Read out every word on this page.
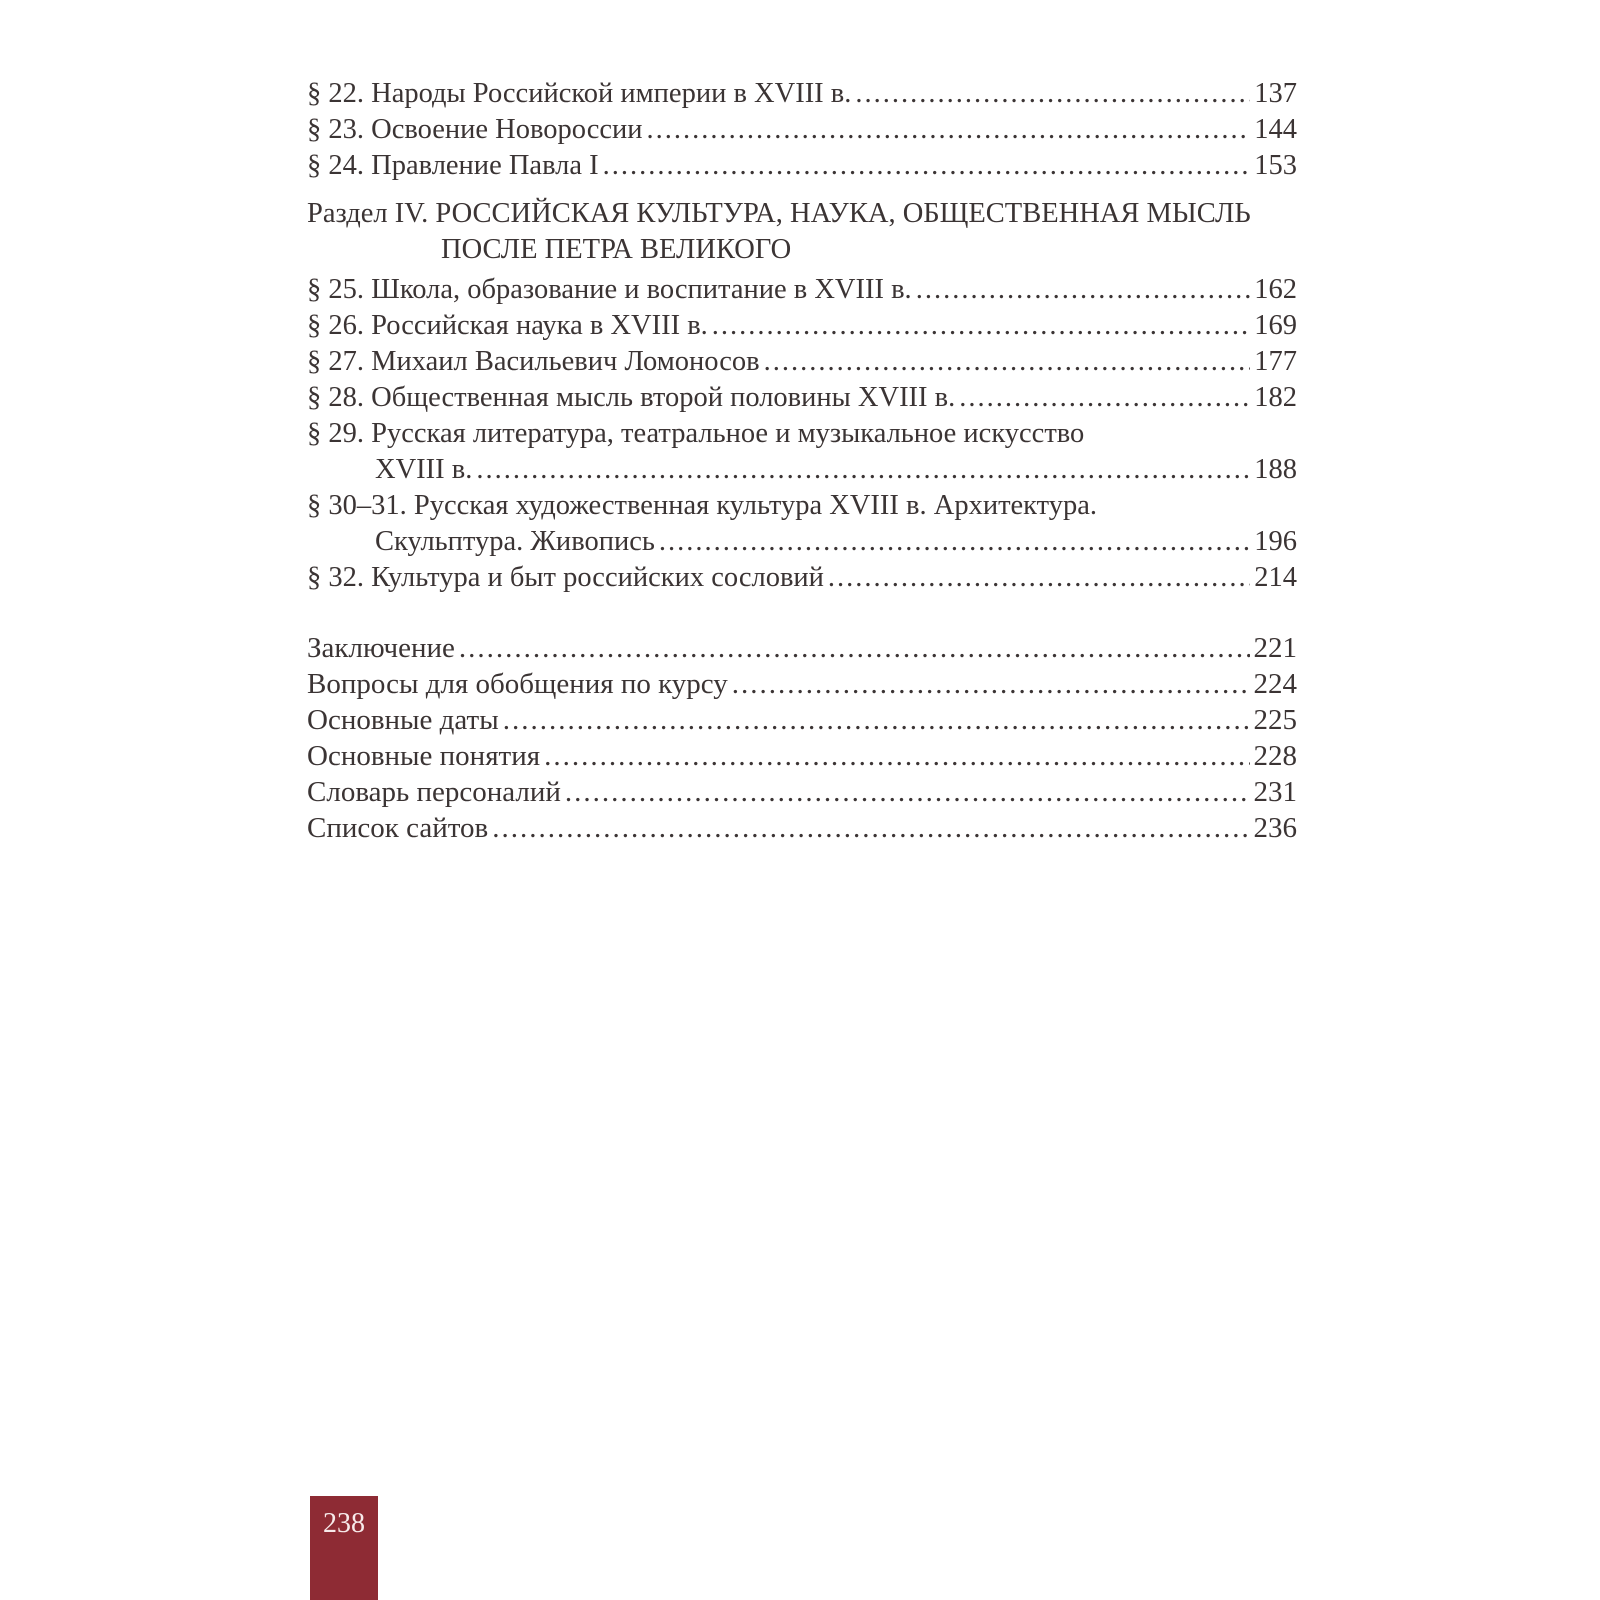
§ 22. Народы Российской империи в XVIII в. .....	137
§ 23. Освоение Новороссии .....	144
§ 24. Правление Павла I .....	153
Раздел IV. РОССИЙСКАЯ КУЛЬТУРА, НАУКА, ОБЩЕСТВЕННАЯ МЫСЛЬ
ПОСЛЕ ПЕТРА ВЕЛИКОГО
§ 25. Школа, образование и воспитание в XVIII в. .....	162
§ 26. Российская наука в XVIII в. .....	169
§ 27. Михаил Васильевич Ломоносов .....	177
§ 28. Общественная мысль второй половины XVIII в. .....	182
§ 29. Русская литература, театральное и музыкальное искусство
XVIII в. .....	188
§ 30–31. Русская художественная культура XVIII в. Архитектура.
Скульптура. Живопись .....	196
§ 32. Культура и быт российских сословий .....	214
Заключение .....	221
Вопросы для обобщения по курсу .....	224
Основные даты .....	225
Основные понятия .....	228
Словарь персоналий .....	231
Список сайтов .....	236
238
